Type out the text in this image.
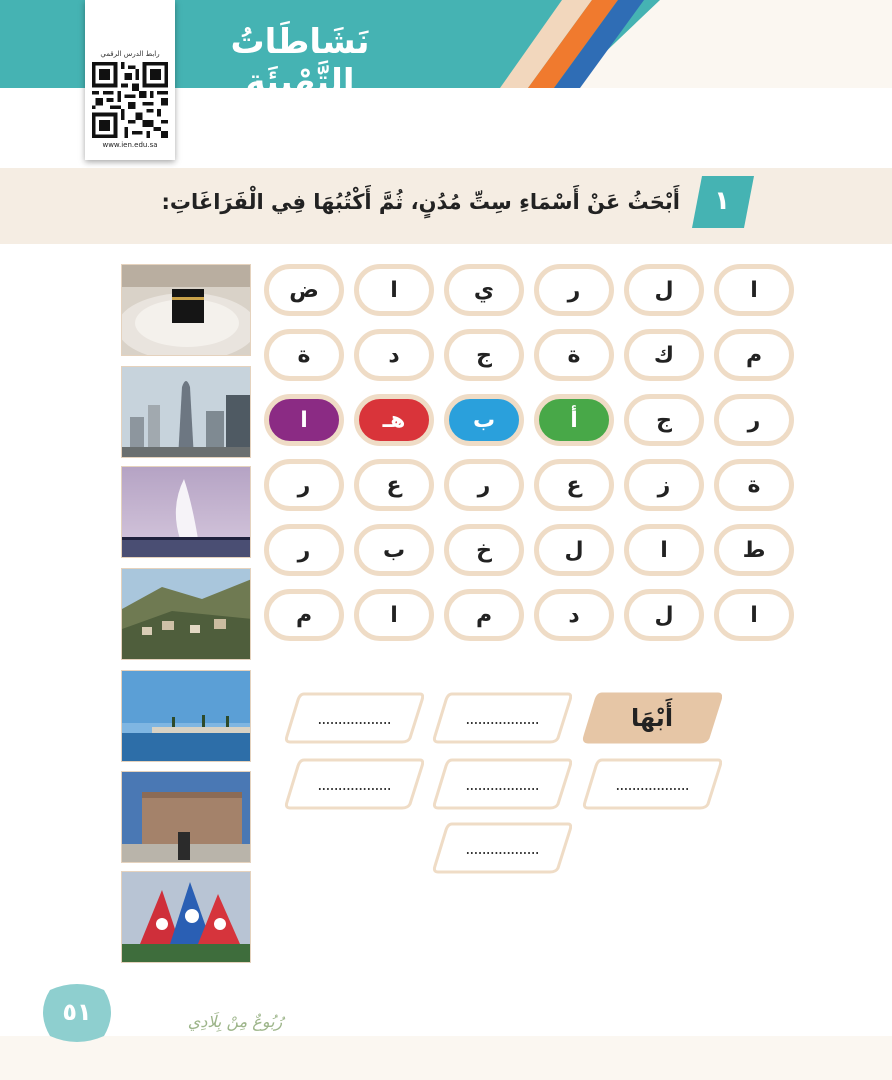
نَشَاطَاتُ التَّهْيِئَةِ
رابط الدرس الرقمي
www.ien.edu.sa
١
أَبْحَثُ عَنْ أَسْمَاءِ سِتِّ مُدُنٍ، ثُمَّ أَكْتُبُهَا فِي الْفَرَاغَاتِ:
ا
ل
ر
ي
ا
ض
م
ك
ة
ج
د
ة
ر
ج
أ
ب
هـ
ا
ة
ز
ع
ر
ع
ر
ط
ا
ل
خ
ب
ر
ا
ل
د
م
ا
م
أَبْهَا
..................
..................
..................
..................
..................
..................
٥١	رُبُوعٌ مِنْ بِلَادِي
